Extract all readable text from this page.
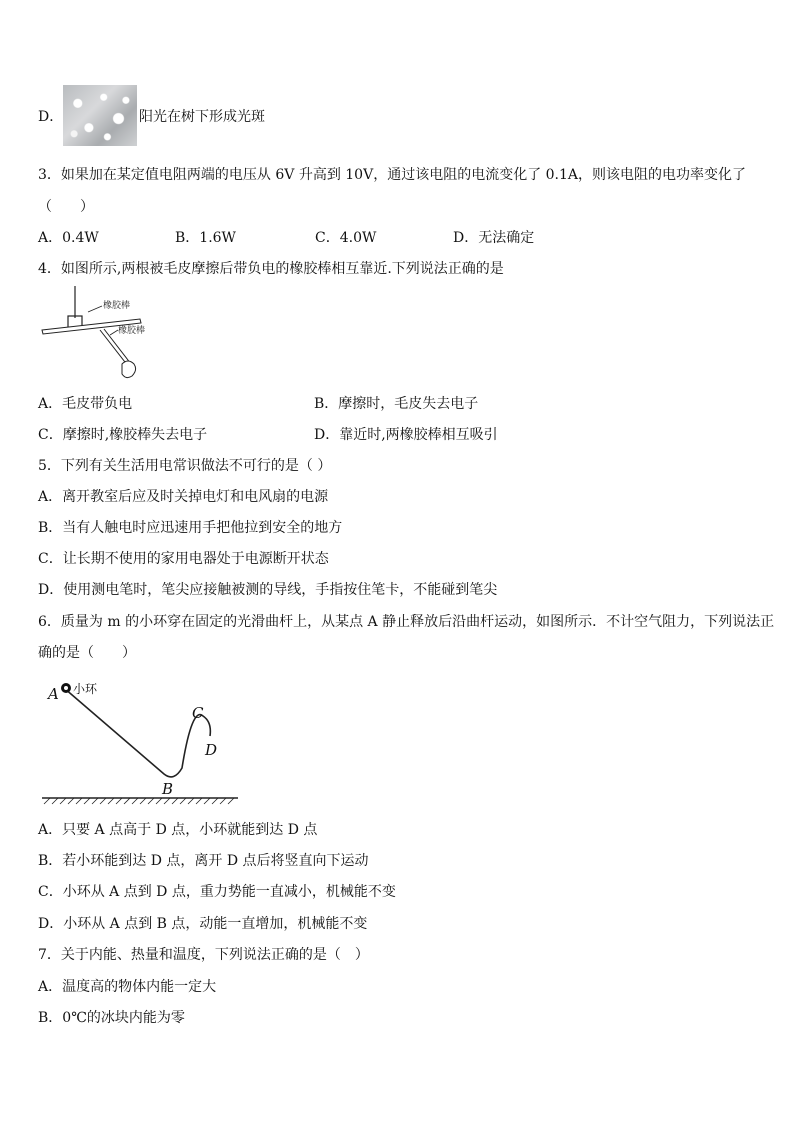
D．	阳光在树下形成光斑
3．如果加在某定值电阻两端的电压从 6V 升高到 10V，通过该电阻的电流变化了 0.1A，则该电阻的电功率变化了
（　　）
A．0.4W	B．1.6W	C．4.0W	D．无法确定
4．如图所示,两根被毛皮摩擦后带负电的橡胶棒相互靠近.下列说法正确的是
橡胶棒
橡胶棒
A．毛皮带负电	B．摩擦时，毛皮失去电子
C．摩擦时,橡胶棒失去电子	D．靠近时,两橡胶棒相互吸引
5．下列有关生活用电常识做法不可行的是（ ）
A．离开教室后应及时关掉电灯和电风扇的电源
B．当有人触电时应迅速用手把他拉到安全的地方
C．让长期不使用的家用电器处于电源断开状态
D．使用测电笔时，笔尖应接触被测的导线，手指按住笔卡，不能碰到笔尖
6．质量为 m 的小环穿在固定的光滑曲杆上，从某点 A 静止释放后沿曲杆运动，如图所示．不计空气阻力，下列说法正
确的是（　　）
A 小环
B
C
D
A．只要 A 点高于 D 点，小环就能到达 D 点
B．若小环能到达 D 点，离开 D 点后将竖直向下运动
C．小环从 A 点到 D 点，重力势能一直减小，机械能不变
D．小环从 A 点到 B 点，动能一直增加，机械能不变
7．关于内能、热量和温度，下列说法正确的是（　）
A．温度高的物体内能一定大
B．0℃的冰块内能为零
